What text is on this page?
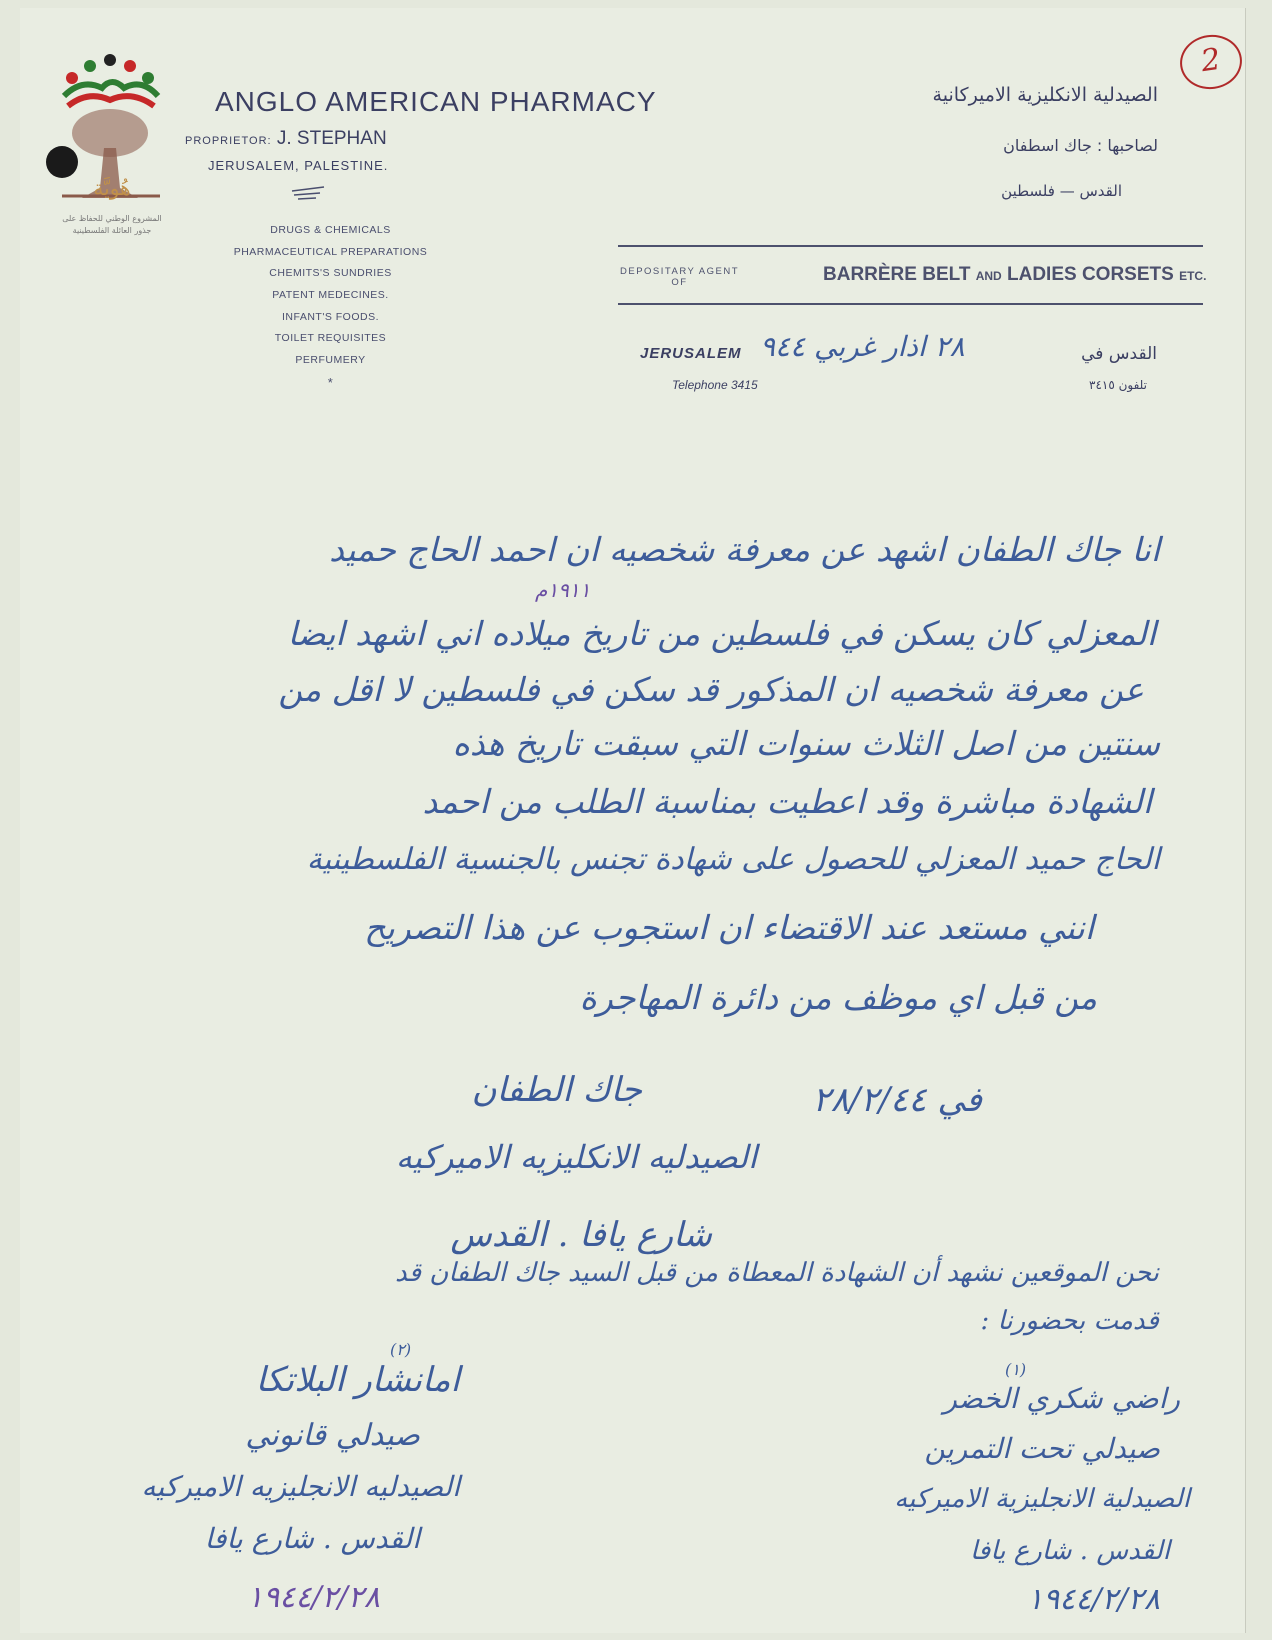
هُويَّة
المشروع الوطني للحفاظ على
جذور العائلة الفلسطينية
ANGLO AMERICAN PHARMACY
PROPRIETOR: J. STEPHAN
JERUSALEM, PALESTINE.
DRUGS & CHEMICALS
PHARMACEUTICAL PREPARATIONS
CHEMITS'S SUNDRIES
PATENT MEDECINES.
INFANT'S FOODS.
TOILET REQUISITES
PERFUMERY
*
الصيدلية الانكليزية الاميركانية
لصاحبها : جاك اسطفان
القدس — فلسطين
DEPOSITARY AGENT
OF	BARRÈRE BELT AND LADIES CORSETS ETC.
JERUSALEM
Telephone 3415
٢٨ اذار غربي ٩٤٤	القدس في
تلفون ٣٤١٥
2
انا جاك الطفان اشهد عن معرفة شخصيه ان احمد الحاج حميد
١٩١١م
المعزلي كان يسكن في فلسطين من تاريخ ميلاده اني اشهد ايضا
عن معرفة شخصيه ان المذكور قد سكن في فلسطين لا اقل من
سنتين من اصل الثلاث سنوات التي سبقت تاريخ هذه
الشهادة مباشرة وقد اعطيت بمناسبة الطلب من احمد
الحاج حميد المعزلي للحصول على شهادة تجنس بالجنسية الفلسطينية
انني مستعد عند الاقتضاء ان استجوب عن هذا التصريح
من قبل اي موظف من دائرة المهاجرة
في ٢٨/٢/٤٤
جاك الطفان
الصيدليه الانكليزيه الاميركيه
شارع يافا . القدس
نحن الموقعين نشهد أن الشهادة المعطاة من قبل السيد جاك الطفان قد
قدمت بحضورنا :
(٢)
امانشار البلاتكا
صيدلي قانوني
الصيدليه الانجليزيه الاميركيه
القدس . شارع يافا
١٩٤٤/٢/٢٨
(١)
راضي شكري الخضر
صيدلي تحت التمرين
الصيدلية الانجليزية الاميركيه
القدس . شارع يافا
١٩٤٤/٢/٢٨
